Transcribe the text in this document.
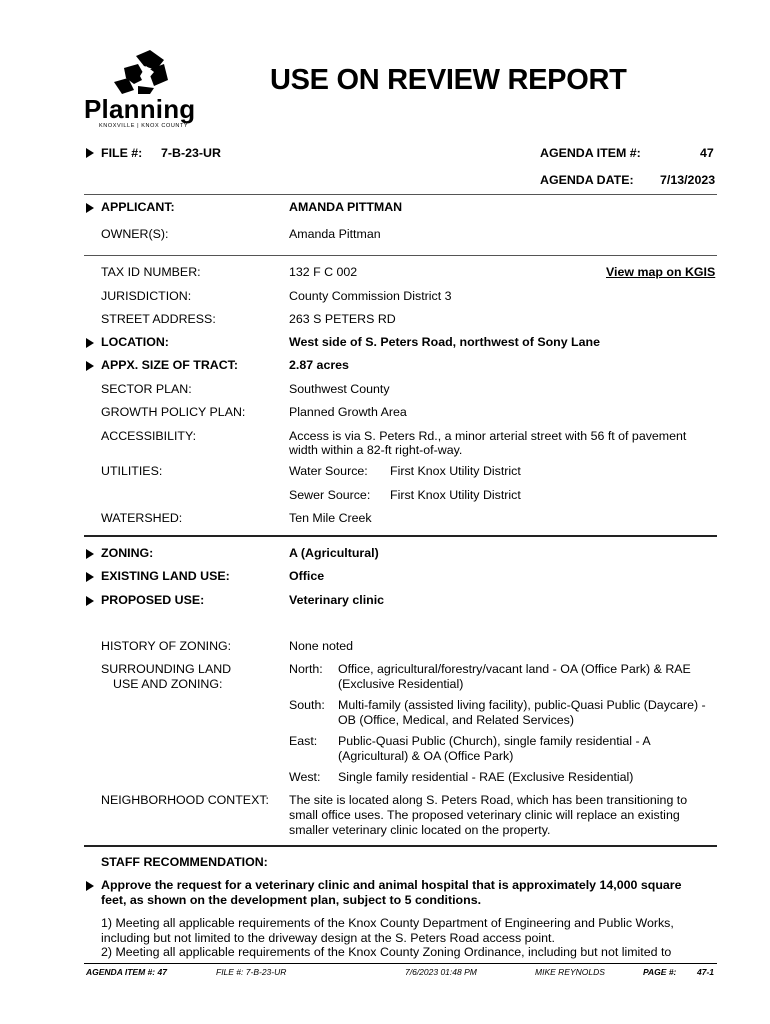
Planning
KNOXVILLE | KNOX COUNTY
USE ON REVIEW REPORT
FILE #: 7-B-23-UR	AGENDA ITEM #:	47
AGENDA DATE: 7/13/2023
APPLICANT:	AMANDA PITTMAN
OWNER(S):	Amanda Pittman
TAX ID NUMBER:	132 F C 002	View map on KGIS
JURISDICTION:	County Commission District 3
STREET ADDRESS:	263 S PETERS RD
LOCATION:	West side of S. Peters Road, northwest of Sony Lane
APPX. SIZE OF TRACT:	2.87 acres
SECTOR PLAN:	Southwest County
GROWTH POLICY PLAN:	Planned Growth Area
ACCESSIBILITY:	Access is via S. Peters Rd., a minor arterial street with 56 ft of pavement
width within a 82-ft right-of-way.
UTILITIES:	Water Source: First Knox Utility District
Sewer Source: First Knox Utility District
WATERSHED:	Ten Mile Creek
ZONING:	A (Agricultural)
EXISTING LAND USE:	Office
PROPOSED USE:	Veterinary clinic
HISTORY OF ZONING:	None noted
SURROUNDING LAND
USE AND ZONING:
North: Office, agricultural/forestry/vacant land - OA (Office Park) & RAE
(Exclusive Residential)
South: Multi-family (assisted living facility), public-Quasi Public (Daycare) -
OB (Office, Medical, and Related Services)
East: Public-Quasi Public (Church), single family residential - A
(Agricultural) & OA (Office Park)
West: Single family residential - RAE (Exclusive Residential)
NEIGHBORHOOD CONTEXT: The site is located along S. Peters Road, which has been transitioning to
small office uses. The proposed veterinary clinic will replace an existing
smaller veterinary clinic located on the property.
STAFF RECOMMENDATION:
Approve the request for a veterinary clinic and animal hospital that is approximately 14,000 square
feet, as shown on the development plan, subject to 5 conditions.
1) Meeting all applicable requirements of the Knox County Department of Engineering and Public Works,
including but not limited to the driveway design at the S. Peters Road access point.
2) Meeting all applicable requirements of the Knox County Zoning Ordinance, including but not limited to
AGENDA ITEM #: 47	FILE #: 7-B-23-UR	7/6/2023 01:48 PM	MIKE REYNOLDS	PAGE #: 47-1
